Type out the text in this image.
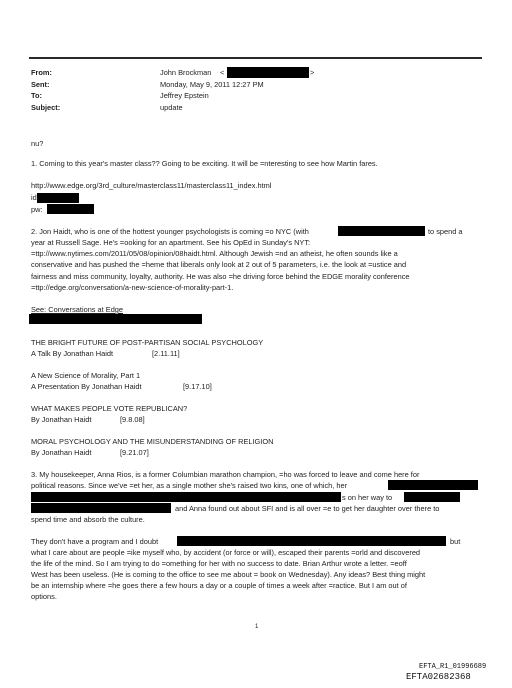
From:	John Brockman <	>
Sent:	Monday, May 9, 2011 12:27 PM
To:	Jeffrey Epstein
Subject:	update
nu?
1. Coming to this year's master class?? Going to be exciting. It will be =nteresting to see how Martin fares.
http://www.edge.org/3rd_culture/masterclass11/masterclass11_index.html
id
pw:
2. Jon Haidt, who is one of the hottest younger psychologists is coming =o NYC (with	to spend a
year at Russell Sage. He's =ooking for an apartment. See his OpEd in Sunday's NYT:
=ttp://www.nytimes.com/2011/05/08/opinion/08haidt.html. Although Jewish =nd an atheist, he often sounds like a
conservative and has pushed the =heme that liberals only look at 2 out of 5 parameters, i.e. the look at =ustice and
fairness and miss community, loyalty, authority. He was also =he driving force behind the EDGE morality conference
=ttp://edge.org/conversation/a-new-science-of-morality-part-1.
See: Conversations at Edge
THE BRIGHT FUTURE OF POST-PARTISAN SOCIAL PSYCHOLOGY
A Talk By Jonathan Haidt	[2.11.11]
A New Science of Morality, Part 1
A Presentation By Jonathan Haidt	[9.17.10]
WHAT MAKES PEOPLE VOTE REPUBLICAN?
By Jonathan Haidt	[9.8.08]
MORAL PSYCHOLOGY AND THE MISUNDERSTANDING OF RELIGION
By Jonathan Haidt	[9.21.07]
3. My housekeeper, Anna Rios, is a former Columbian marathon champion, =ho was forced to leave and come here for
political reasons. Since we've =et her, as a single mother she's raised two kins, one of which, her
s on her way to
and Anna found out about SFI and is all over =e to get her daughter over there to
spend time and absorb the culture.
They don't have a program and I doubt	but
what I care about are people =ike myself who, by accident (or force or will), escaped their parents =orld and discovered
the life of the mind. So I am trying to do =omething for her with no success to date. Brian Arthur wrote a letter. =eoff
West has been useless. (He is coming to the office to see me about = book on Wednesday). Any ideas? Best thing might
be an internship where =he goes there a few hours a day or a couple of times a week after =ractice. But I am out of
options.
1
EFTA_R1_01996689
EFTA02682368
